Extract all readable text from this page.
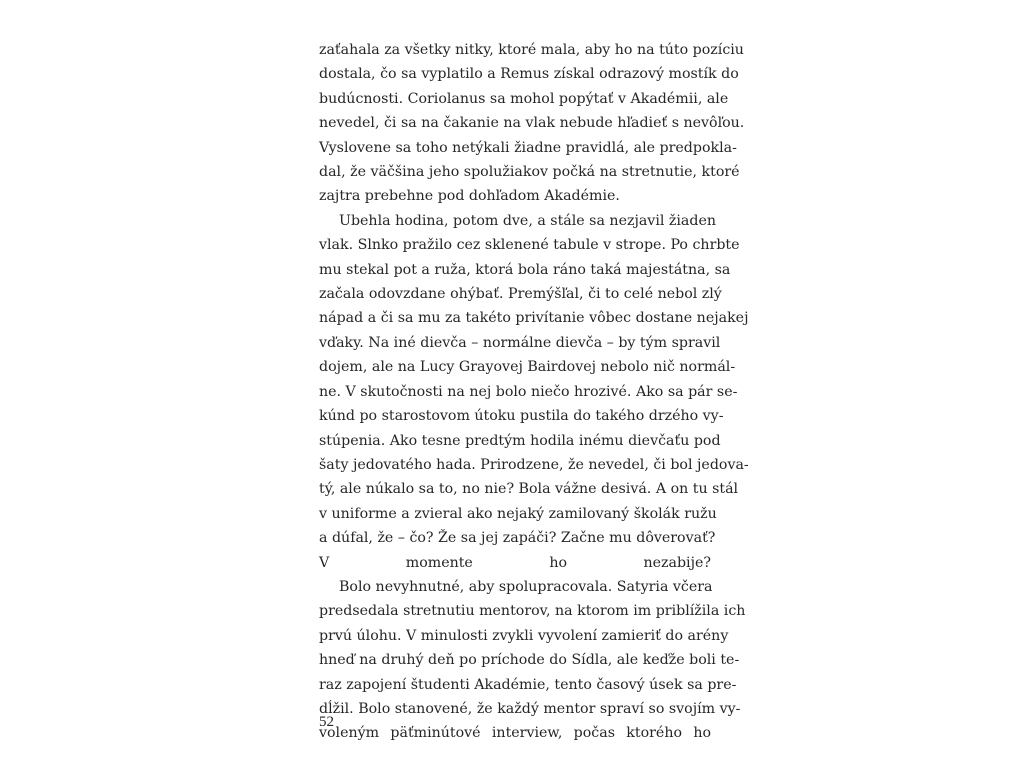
zaťahala za všetky nitky, ktoré mala, aby ho na túto pozíciu
dostala, čo sa vyplatilo a Remus získal odrazový mostík do
budúcnosti. Coriolanus sa mohol popýtať v Akadémii, ale
nevedel, či sa na čakanie na vlak nebude hľadieť s nevôľou.
Vyslovene sa toho netýkali žiadne pravidlá, ale predpokla-
dal, že väčšina jeho spolužiakov počká na stretnutie, ktoré
zajtra prebehne pod dohľadom Akadémie.

Ubehla hodina, potom dve, a stále sa nezjavil žiaden
vlak. Slnko pražilo cez sklenené tabule v strope. Po chrbte
mu stekal pot a ruža, ktorá bola ráno taká majestátna, sa
začala odovzdane ohýbať. Premýšľal, či to celé nebol zlý
nápad a či sa mu za takéto privítanie vôbec dostane nejakej
vďaky. Na iné dievča – normálne dievča – by tým spravil
dojem, ale na Lucy Grayovej Bairdovej nebolo nič normál-
ne. V skutočnosti na nej bolo niečo hrozivé. Ako sa pár se-
kúnd po starostovom útoku pustila do takého drzého vy-
stúpenia. Ako tesne predtým hodila inému dievčaťu pod
šaty jedovatého hada. Prirodzene, že nevedel, či bol jedova-
tý, ale núkalo sa to, no nie? Bola vážne desivá. A on tu stál
v uniforme a zvieral ako nejaký zamilovaný školák ružu
a dúfal, že – čo? Že sa jej zapáči? Začne mu dôverovať?
V momente ho nezabije?

Bolo nevyhnutné, aby spolupracovala. Satyria včera
predsedala stretnutiu mentorov, na ktorom im priblížila ich
prvú úlohu. V minulosti zvykli vyvolení zamieriť do arény
hneď na druhý deň po príchode do Sídla, ale keďže boli te-
raz zapojení študenti Akadémie, tento časový úsek sa pre-
dĺžil. Bolo stanovené, že každý mentor spraví so svojím vy-
voleným päťminútové interview, počas ktorého ho

52
